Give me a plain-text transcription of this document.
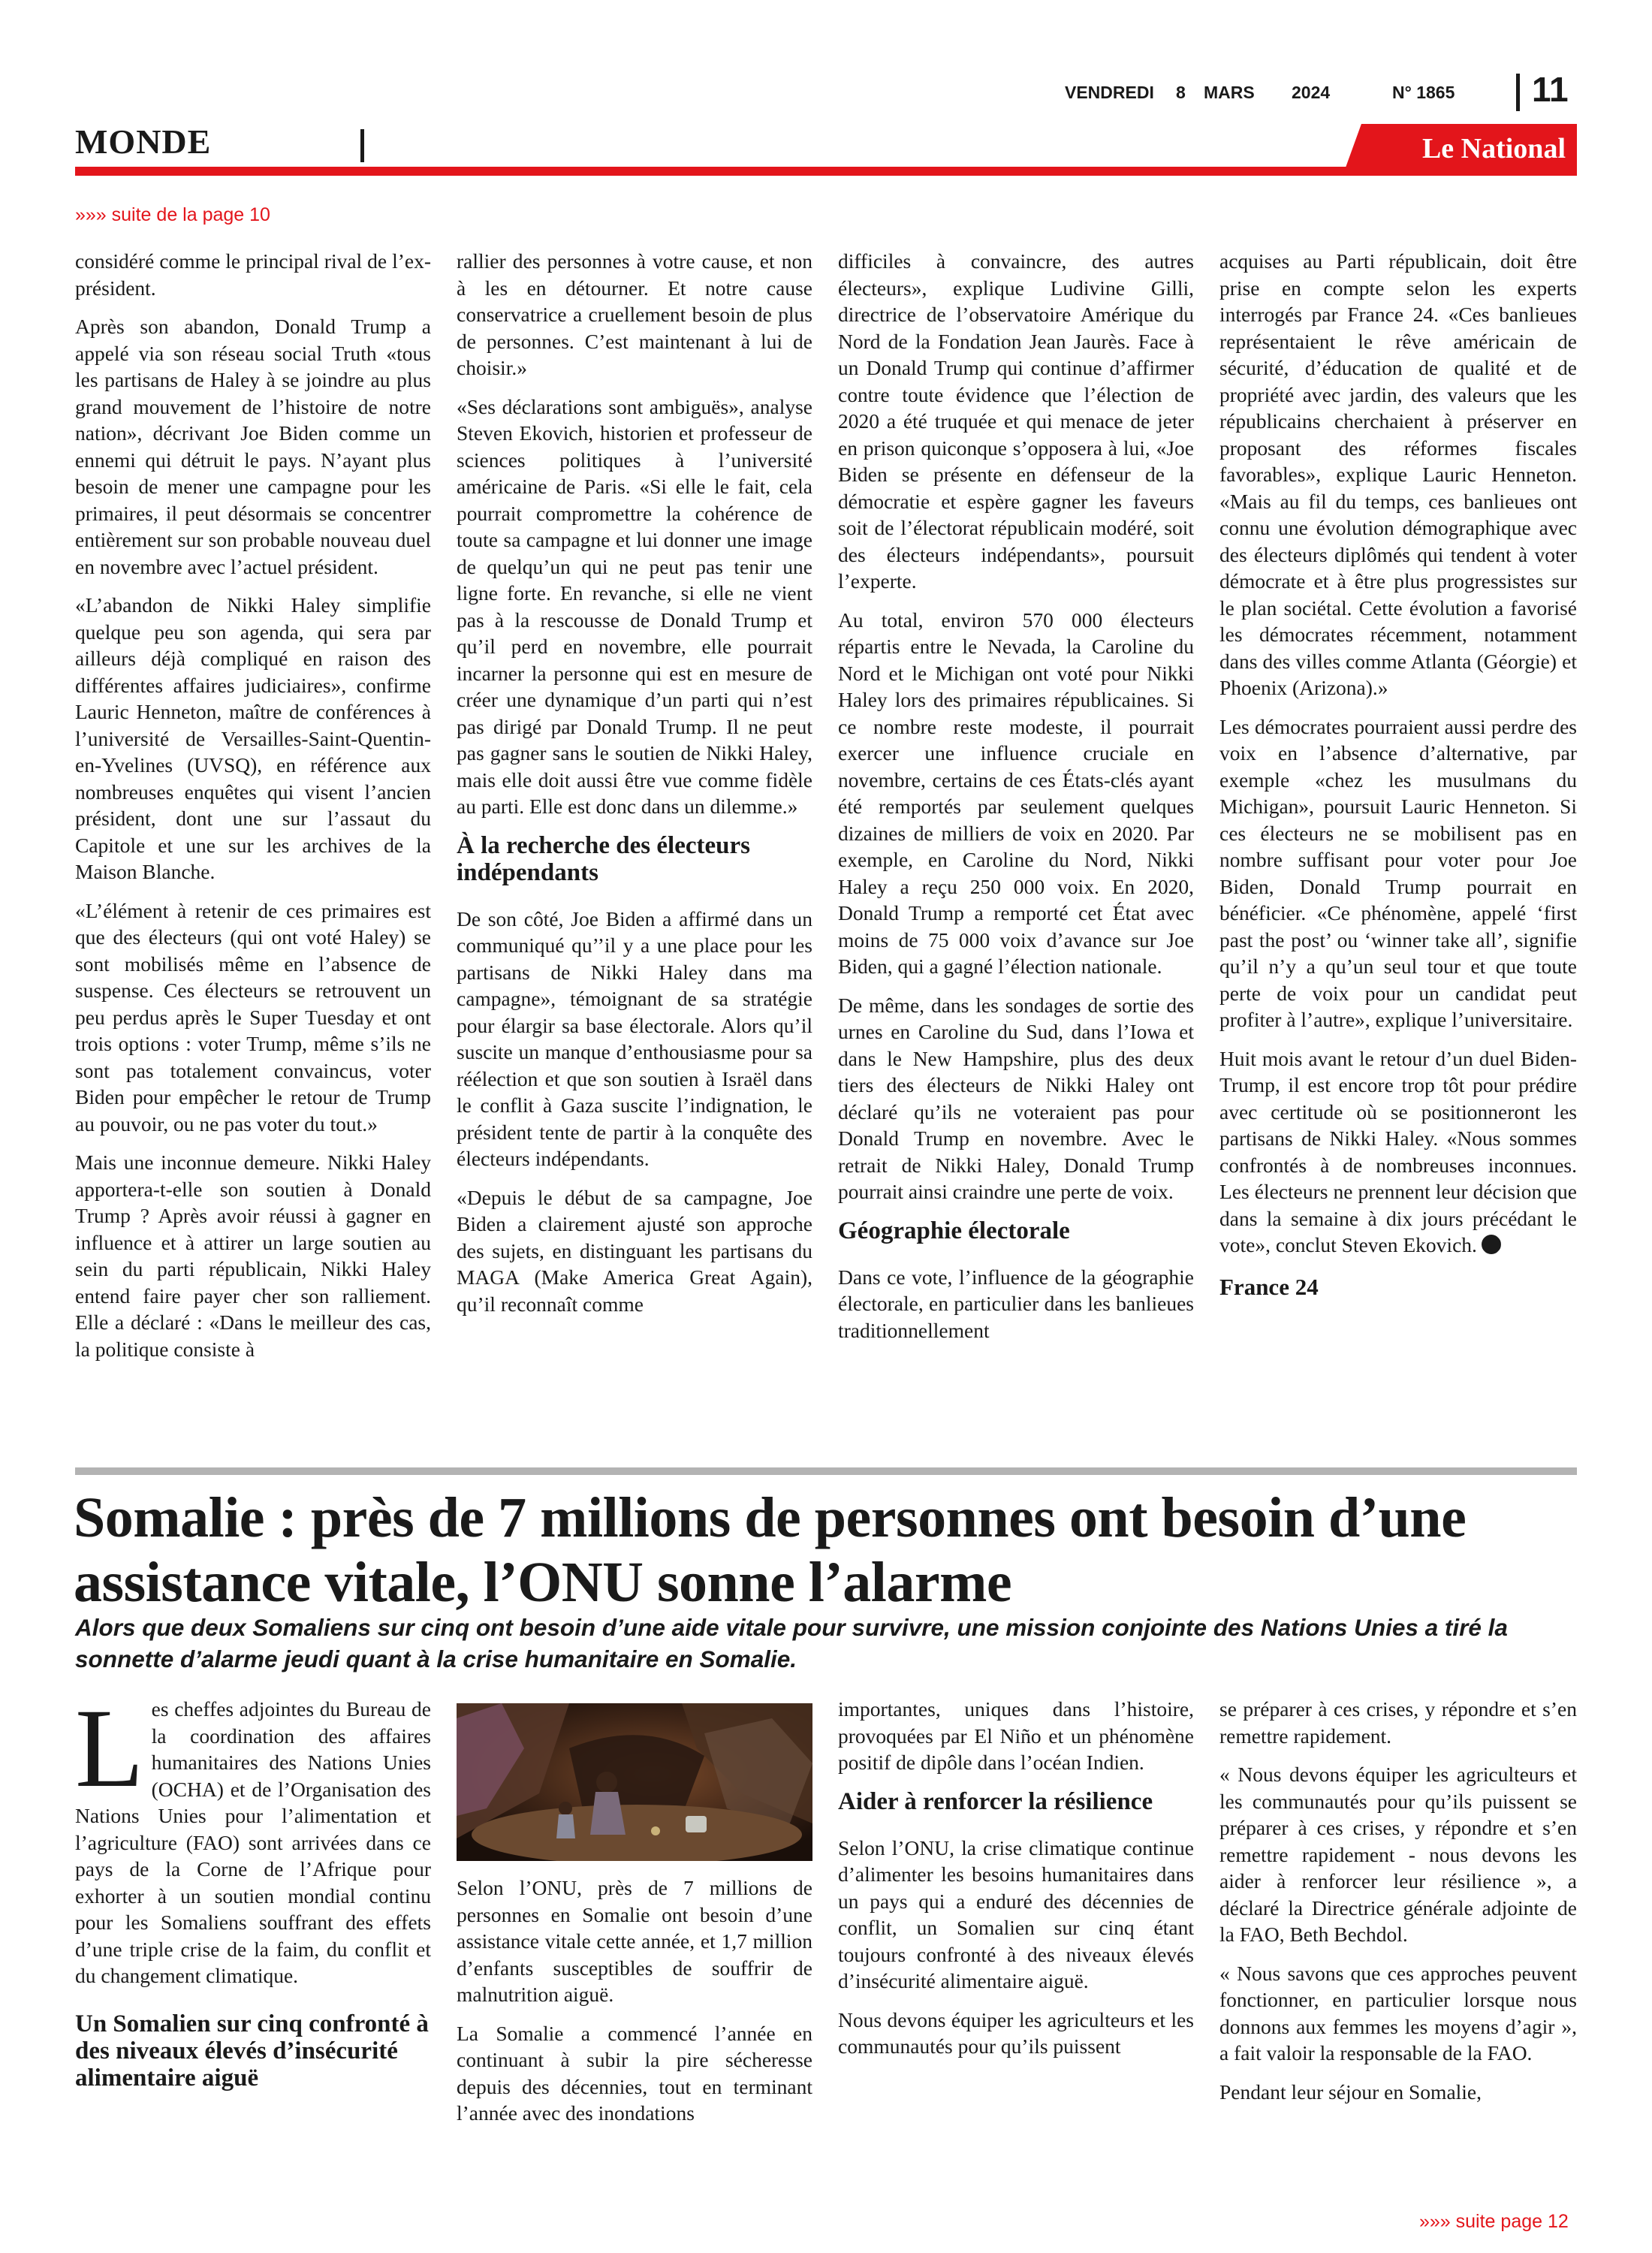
VENDREDI 8 MARS 2024	N° 1865 11
MONDE	Le National
»»» suite de la page 10

considéré comme le principal rival de l’ex-président.

Après son abandon, Donald Trump a appelé via son réseau social Truth «tous les partisans de Haley à se joindre au plus grand mouvement de l’histoire de notre nation», décrivant Joe Biden comme un ennemi qui détruit le pays. N’ayant plus besoin de mener une campagne pour les primaires, il peut désormais se concentrer entièrement sur son probable nouveau duel en novembre avec l’actuel président.

«L’abandon de Nikki Haley simplifie quelque peu son agenda, qui sera par ailleurs déjà compliqué en raison des différentes affaires judiciaires», confirme Lauric Henneton, maître de conférences à l’université de Versailles-Saint-Quentin-en-Yvelines (UVSQ), en référence aux nombreuses enquêtes qui visent l’ancien président, dont une sur l’assaut du Capitole et une sur les archives de la Maison Blanche.

«L’élément à retenir de ces primaires est que des électeurs (qui ont voté Haley) se sont mobilisés même en l’absence de suspense. Ces électeurs se retrouvent un peu perdus après le Super Tuesday et ont trois options : voter Trump, même s’ils ne sont pas totalement convaincus, voter Biden pour empêcher le retour de Trump au pouvoir, ou ne pas voter du tout.»

Mais une inconnue demeure. Nikki Haley apportera-t-elle son soutien à Donald Trump ? Après avoir réussi à gagner en influence et à attirer un large soutien au sein du parti républicain, Nikki Haley entend faire payer cher son ralliement. Elle a déclaré : «Dans le meilleur des cas, la politique consiste à

rallier des personnes à votre cause, et non à les en détourner. Et notre cause conservatrice a cruellement besoin de plus de personnes. C’est maintenant à lui de choisir.»

«Ses déclarations sont ambiguës», analyse Steven Ekovich, historien et professeur de sciences politiques à l’université américaine de Paris. «Si elle le fait, cela pourrait compromettre la cohérence de toute sa campagne et lui donner une image de quelqu’un qui ne peut pas tenir une ligne forte. En revanche, si elle ne vient pas à la rescousse de Donald Trump et qu’il perd en novembre, elle pourrait incarner la personne qui est en mesure de créer une dynamique d’un parti qui n’est pas dirigé par Donald Trump. Il ne peut pas gagner sans le soutien de Nikki Haley, mais elle doit aussi être vue comme fidèle au parti. Elle est donc dans un dilemme.»

À la recherche des électeurs indépendants

De son côté, Joe Biden a affirmé dans un communiqué qu’’il y a une place pour les partisans de Nikki Haley dans ma campagne», témoignant de sa stratégie pour élargir sa base électorale. Alors qu’il suscite un manque d’enthousiasme pour sa réélection et que son soutien à Israël dans le conflit à Gaza suscite l’indignation, le président tente de partir à la conquête des électeurs indépendants.

«Depuis le début de sa campagne, Joe Biden a clairement ajusté son approche des sujets, en distinguant les partisans du MAGA (Make America Great Again), qu’il reconnaît comme

difficiles à convaincre, des autres électeurs», explique Ludivine Gilli, directrice de l’observatoire Amérique du Nord de la Fondation Jean Jaurès. Face à un Donald Trump qui continue d’affirmer contre toute évidence que l’élection de 2020 a été truquée et qui menace de jeter en prison quiconque s’opposera à lui, «Joe Biden se présente en défenseur de la démocratie et espère gagner les faveurs soit de l’électorat républicain modéré, soit des électeurs indépendants», poursuit l’experte.

Au total, environ 570 000 électeurs répartis entre le Nevada, la Caroline du Nord et le Michigan ont voté pour Nikki Haley lors des primaires républicaines. Si ce nombre reste modeste, il pourrait exercer une influence cruciale en novembre, certains de ces États-clés ayant été remportés par seulement quelques dizaines de milliers de voix en 2020. Par exemple, en Caroline du Nord, Nikki Haley a reçu 250 000 voix. En 2020, Donald Trump a remporté cet État avec moins de 75 000 voix d’avance sur Joe Biden, qui a gagné l’élection nationale.

De même, dans les sondages de sortie des urnes en Caroline du Sud, dans l’Iowa et dans le New Hampshire, plus des deux tiers des électeurs de Nikki Haley ont déclaré qu’ils ne voteraient pas pour Donald Trump en novembre. Avec le retrait de Nikki Haley, Donald Trump pourrait ainsi craindre une perte de voix.

Géographie électorale

Dans ce vote, l’influence de la géographie électorale, en particulier dans les banlieues traditionnellement

acquises au Parti républicain, doit être prise en compte selon les experts interrogés par France 24. «Ces banlieues représentaient le rêve américain de sécurité, d’éducation de qualité et de propriété avec jardin, des valeurs que les républicains cherchaient à préserver en proposant des réformes fiscales favorables», explique Lauric Henneton. «Mais au fil du temps, ces banlieues ont connu une évolution démographique avec des électeurs diplômés qui tendent à voter démocrate et à être plus progressistes sur le plan sociétal. Cette évolution a favorisé les démocrates récemment, notamment dans des villes comme Atlanta (Géorgie) et Phoenix (Arizona).»

Les démocrates pourraient aussi perdre des voix en l’absence d’alternative, par exemple «chez les musulmans du Michigan», poursuit Lauric Henneton. Si ces électeurs ne se mobilisent pas en nombre suffisant pour voter pour Joe Biden, Donald Trump pourrait en bénéficier. «Ce phénomène, appelé ‘first past the post’ ou ‘winner take all’, signifie qu’il n’y a qu’un seul tour et que toute perte de voix pour un candidat peut profiter à l’autre», explique l’universitaire.

Huit mois avant le retour d’un duel Biden-Trump, il est encore trop tôt pour prédire avec certitude où se positionneront les partisans de Nikki Haley. «Nous sommes confrontés à de nombreuses inconnues. Les électeurs ne prennent leur décision que dans la semaine à dix jours précédant le vote», conclut Steven Ekovich.

France 24
Somalie : près de 7 millions de personnes ont besoin d’une assistance vitale, l’ONU sonne l’alarme
Alors que deux Somaliens sur cinq ont besoin d’une aide vitale pour survivre, une mission conjointe des Nations Unies a tiré la sonnette d’alarme jeudi quant à la crise humanitaire en Somalie.

Les cheffes adjointes du Bureau de la coordination des affaires humanitaires des Nations Unies (OCHA) et de l’Organisation des Nations Unies pour l’alimentation et l’agriculture (FAO) sont arrivées dans ce pays de la Corne de l’Afrique pour exhorter à un soutien mondial continu pour les Somaliens souffrant des effets d’une triple crise de la faim, du conflit et du changement climatique.

Un Somalien sur cinq confronté à des niveaux élevés d’insécurité alimentaire aiguë

Selon l’ONU, près de 7 millions de personnes en Somalie ont besoin d’une assistance vitale cette année, et 1,7 million d’enfants susceptibles de souffrir de malnutrition aiguë.

La Somalie a commencé l’année en continuant à subir la pire sécheresse depuis des décennies, tout en terminant l’année avec des inondations

importantes, uniques dans l’histoire, provoquées par El Niño et un phénomène positif de dipôle dans l’océan Indien.

Aider à renforcer la résilience

Selon l’ONU, la crise climatique continue d’alimenter les besoins humanitaires dans un pays qui a enduré des décennies de conflit, un Somalien sur cinq étant toujours confronté à des niveaux élevés d’insécurité alimentaire aiguë.

Nous devons équiper les agriculteurs et les communautés pour qu’ils puissent

se préparer à ces crises, y répondre et s’en remettre rapidement.

« Nous devons équiper les agriculteurs et les communautés pour qu’ils puissent se préparer à ces crises, y répondre et s’en remettre rapidement - nous devons les aider à renforcer leur résilience », a déclaré la Directrice générale adjointe de la FAO, Beth Bechdol.

« Nous savons que ces approches peuvent fonctionner, en particulier lorsque nous donnons aux femmes les moyens d’agir », a fait valoir la responsable de la FAO.

Pendant leur séjour en Somalie,

»»» suite page 12
